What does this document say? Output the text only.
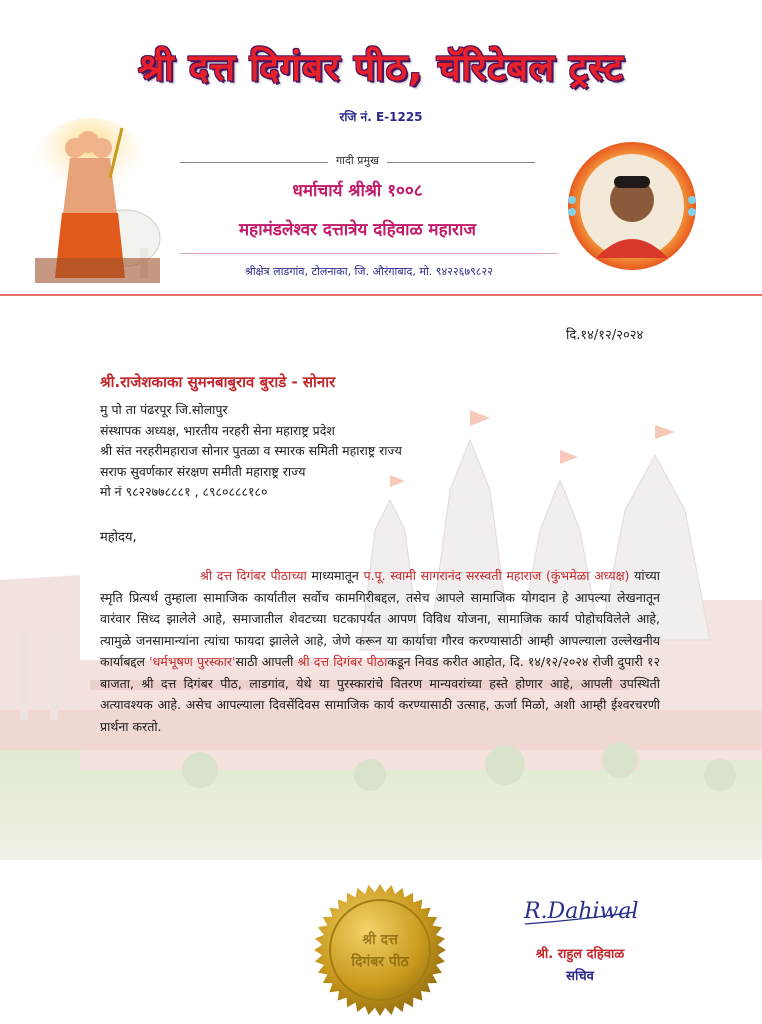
श्री दत्त दिगंबर पीठ, चॅरिटेबल ट्रस्ट
रजि नं. E-1225
गादी प्रमुख
धर्माचार्य श्रीश्री १००८
महामंडलेश्वर दत्तात्रेय दहिवाळ महाराज
श्रीक्षेत्र लाडगांव, टोलनाका, जि. औरंगाबाद, मो. ९४२२६७९८२२
दि.१४/१२/२०२४
श्री.राजेशकाका सुमनबाबुराव बुराडे - सोनार
मु पो ता पंढरपूर जि.सोलापुर
संस्थापक अध्यक्ष, भारतीय नरहरी सेना महाराष्ट्र प्रदेश
श्री संत नरहरीमहाराज सोनार पुतळा व स्मारक समिती महाराष्ट्र राज्य
सराफ सुवर्णकार संरक्षण समीती महाराष्ट्र राज्य
मो नं ९८२२७७८८८१ , ८९८०८८८१८०
महोदय,
श्री दत्त दिगंबर पीठाच्या माध्यमातून प.पू. स्वामी सागरानंद सरस्वती महाराज (कुंभमेळा अध्यक्ष) यांच्या स्मृति प्रित्यर्थ तुम्हाला सामाजिक कार्यातील सर्वोच कामगिरीबद्दल, तसेच आपले सामाजिक योगदान हे आपल्या लेखनातून वारंवार सिध्द झालेले आहे, समाजातील शेवटच्या घटकापर्यत आपण विविध योजना, सामाजिक कार्य पोहोचविलेले आहे, त्यामुळे जनसामान्यांना त्यांचा फायदा झालेले आहे, जेणे करून या कार्याचा गौरव करण्यासाठी आम्ही आपल्याला उल्लेखनीय कार्याबद्दल 'धर्मभूषण पुरस्कार'साठी आपली श्री दत्त दिगंबर पीठाकडून निवड करीत आहोत, दि. १४/१२/२०२४ रोजी दुपारी १२ बाजता, श्री दत्त दिगंबर पीठ, लाडगांव, येथे या पुरस्कारांचे वितरण मान्यवरांच्या हस्ते होणार आहे, आपली उपस्थिती अत्यावश्यक आहे. असेच आपल्याला दिवसेंदिवस सामाजिक कार्य करण्यासाठी उत्साह, ऊर्जा मिळो, अशी आम्ही ईश्वरचरणी प्रार्थना करतो.
श्री दत्त
दिगंबर पीठ
R.Dahiwal
श्री. राहुल दहिवाळ
सचिव
